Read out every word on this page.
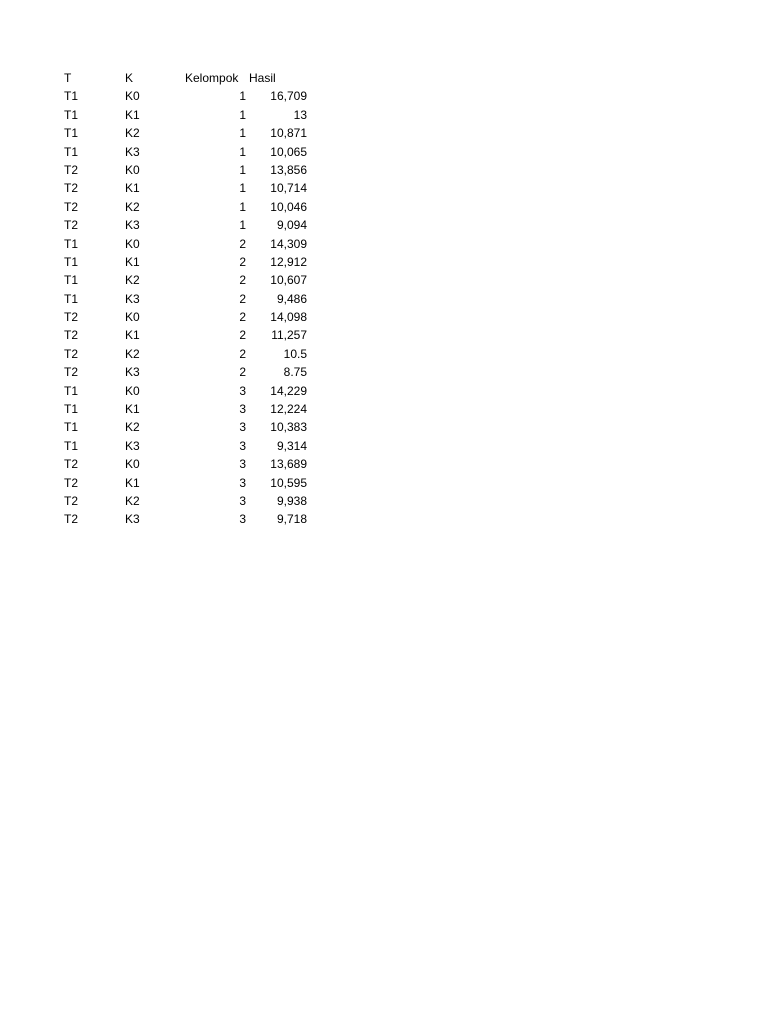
T	K	Kelompok Hasil
T1	K0	1	16,709
T1	K1	1	13
T1	K2	1	10,871
T1	K3	1	10,065
T2	K0	1	13,856
T2	K1	1	10,714
T2	K2	1	10,046
T2	K3	1	9,094
T1	K0	2	14,309
T1	K1	2	12,912
T1	K2	2	10,607
T1	K3	2	9,486
T2	K0	2	14,098
T2	K1	2	11,257
T2	K2	2	10.5
T2	K3	2	8.75
T1	K0	3	14,229
T1	K1	3	12,224
T1	K2	3	10,383
T1	K3	3	9,314
T2	K0	3	13,689
T2	K1	3	10,595
T2	K2	3	9,938
T2	K3	3	9,718
